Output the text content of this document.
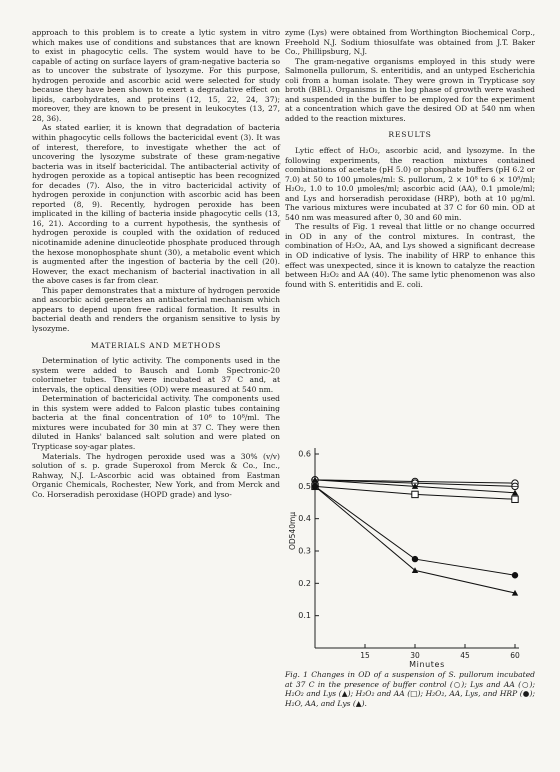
approach to this problem is to create a lytic system in vitro which makes use of conditions and substances that are known to exist in phagocytic cells. The system would have to be capable of acting on surface layers of gram-negative bacteria so as to uncover the substrate of lysozyme. For this purpose, hydrogen peroxide and ascorbic acid were selected for study because they have been shown to exert a degradative effect on lipids, carbohydrates, and proteins (12, 15, 22, 24, 37); moreover, they are known to be present in leukocytes (13, 27, 28, 36).

As stated earlier, it is known that degradation of bacteria within phagocytic cells follows the bactericidal event (3). It was of interest, therefore, to investigate whether the act of uncovering the lysozyme substrate of these gram-negative bacteria was in itself bactericidal. The antibacterial activity of hydrogen peroxide as a topical antiseptic has been recognized for decades (7). Also, the in vitro bactericidal activity of hydrogen peroxide in conjunction with ascorbic acid has been reported (8, 9). Recently, hydrogen peroxide has been implicated in the killing of bacteria inside phagocytic cells (13, 16, 21). According to a current hypothesis, the synthesis of hydrogen peroxide is coupled with the oxidation of reduced nicotinamide adenine dinucleotide phosphate produced through the hexose monophosphate shunt (30), a metabolic event which is augmented after the ingestion of bacteria by the cell (20). However, the exact mechanism of bacterial inactivation in all the above cases is far from clear.

This paper demonstrates that a mixture of hydrogen peroxide and ascorbic acid generates an antibacterial mechanism which appears to depend upon free radical formation. It results in bacterial death and renders the organism sensitive to lysis by lysozyme.

MATERIALS AND METHODS

Determination of lytic activity. The components used in the system were added to Bausch and Lomb Spectronic-20 colorimeter tubes. They were incubated at 37 C and, at intervals, the optical densities (OD) were measured at 540 nm.

Determination of bactericidal activity. The components used in this system were added to Falcon plastic tubes containing bacteria at the final concentration of 10⁶ to 10⁸/ml. The mixtures were incubated for 30 min at 37 C. They were then diluted in Hanks' balanced salt solution and were plated on Trypticase soy-agar plates.

Materials. The hydrogen peroxide used was a 30% (v/v) solution of s. p. grade Superoxol from Merck & Co., Inc., Rahway, N.J. L-Ascorbic acid was obtained from Eastman Organic Chemicals, Rochester, New York, and from Merck and Co. Horseradish peroxidase (HOPD grade) and lyso-

zyme (Lys) were obtained from Worthington Biochemical Corp., Freehold N.J. Sodium thiosulfate was obtained from J.T. Baker Co., Phillipsburg, N.J.

The gram-negative organisms employed in this study were Salmonella pullorum, S. enteritidis, and an untyped Escherichia coli from a human isolate. They were grown in Trypticase soy broth (BBL). Organisms in the log phase of growth were washed and suspended in the buffer to be employed for the experiment at a concentration which gave the desired OD at 540 nm when added to the reaction mixtures.

RESULTS

Lytic effect of H₂O₂, ascorbic acid, and lysozyme. In the following experiments, the reaction mixtures contained combinations of acetate (pH 5.0) or phosphate buffers (pH 6.2 or 7.0) at 50 to 100 µmoles/ml: S. pullorum, 2 × 10⁸ to 6 × 10⁸/ml; H₂O₂, 1.0 to 10.0 µmoles/ml; ascorbic acid (AA), 0.1 µmole/ml; and Lys and horseradish peroxidase (HRP), both at 10 µg/ml. The various mixtures were incubated at 37 C for 60 min. OD at 540 nm was measured after 0, 30 and 60 min.

The results of Fig. 1 reveal that little or no change occurred in OD in any of the control mixtures. In contrast, the combination of H₂O₂, AA, and Lys showed a significant decrease in OD indicative of lysis. The inability of HRP to enhance this effect was unexpected, since it is known to catalyze the reaction between H₂O₂ and AA (40). The same lytic phenomenon was also found with S. enteritidis and E. coli.

0.1
0.2
0.3
0.4
0.5
0.6
15	30	45	60
Minutes
OD540mμ
Fig. 1 Changes in OD of a suspension of S. pullorum incubated at 37 C in the presence of buffer control (○); Lys and AA (○); H₂O₂ and Lys (▲); H₂O₂ and AA (□); H₂O₂, AA, Lys, and HRP (●); H₂O, AA, and Lys (▲).
